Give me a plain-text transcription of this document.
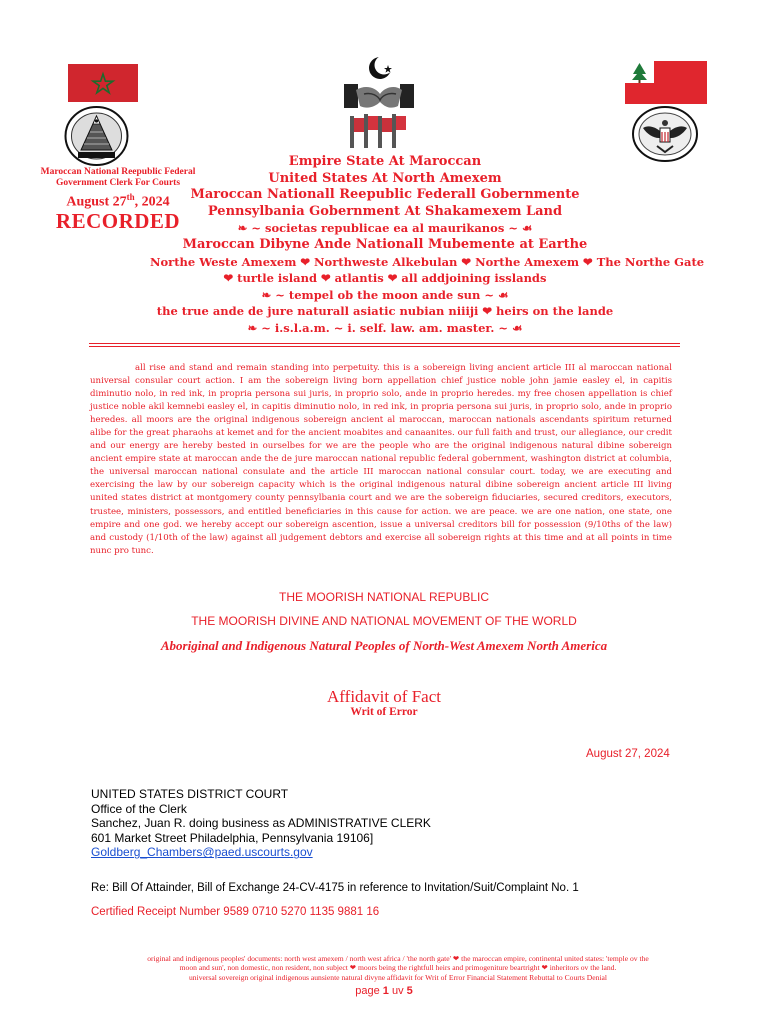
Maroccan National Reepublic Federal
Government Clerk For Courts
August 27th, 2024
RECORDED
Empire State At Maroccan
United States At North Amexem
Maroccan Nationall Reepublic Federall Gobernmente
Pennsylbania Gobernment At Shakamexem Land
❧ ~ societas republicae ea al maurikanos ~ ☙
Maroccan Dibyne Ande Nationall Mubemente at Earthe
Northe Weste Amexem ❤ Northweste Alkebulan ❤ Northe Amexem ❤ The Northe Gate
❤ turtle island ❤ atlantis ❤ all addjoining isslands
❧ ~ tempel ob the moon ande sun ~ ☙
the true ande de jure naturall asiatic nubian niiiji ❤ heirs on the lande
❧ ~ i.s.l.a.m. ~ i. self. law. am. master. ~ ☙

all rise and stand and remain standing into perpetuity. this is a sobereign living ancient article III al maroccan national universal consular court action. I am the sobereign living born appellation chief justice noble john jamie easley el, in capitis diminutio nolo, in red ink, in propria persona sui juris, in proprio solo, ande in proprio heredes. my free chosen appellation is chief justice noble akil kemnebi easley el, in capitis diminutio nolo, in red ink, in propria persona sui juris, in proprio solo, ande in proprio heredes. all moors are the original indigenous sobereign ancient al maroccan, maroccan nationals ascendants spiritum returned alibe for the great pharaohs at kemet and for the ancient moabites and canaanites. our full faith and trust, our allegiance, our credit and our energy are hereby bested in ourselbes for we are the people who are the original indigenous natural dibine sobereign ancient empire state at maroccan ande the de jure maroccan national republic federal gobernment, washington district at columbia, the universal maroccan national consulate and the article III maroccan national consular court. today, we are executing and exercising the law by our sobereign capacity which is the original indigenous natural dibine sobereign ancient article III living united states district at montgomery county pennsylbania court and we are the sobereign fiduciaries, secured creditors, executors, trustee, ministers, possessors, and entitled beneficiaries in this cause for action. we are peace. we are one nation, one state, one empire and one god. we hereby accept our sobereign ascention, issue a universal creditors bill for possession (9/10ths of the law) and custody (1/10th of the law) against all judgement debtors and exercise all sobereign rights at this time and at all points in time nunc pro tunc.

THE MOORISH NATIONAL REPUBLIC
THE MOORISH DIVINE AND NATIONAL MOVEMENT OF THE WORLD
Aboriginal and Indigenous Natural Peoples of North-West Amexem North America
Affidavit of Fact
Writ of Error
August 27, 2024
UNITED STATES DISTRICT COURT
Office of the Clerk
Sanchez, Juan R. doing business as ADMINISTRATIVE CLERK
601 Market Street Philadelphia, Pennsylvania 19106]
Goldberg_Chambers@paed.uscourts.gov
Re: Bill Of Attainder, Bill of Exchange 24-CV-4175 in reference to Invitation/Suit/Complaint No. 1
Certified Receipt Number 9589 0710 5270 1135 9881 16
original and indigenous peoples' documents: north west amexem / north west africa / 'the north gate' ❤ the maroccan empire, continental united states: 'temple ov the
moon and sun', non domestic, non resident, non subject ❤ moors being the rightfull heirs and primogeniture beartright ❤ inheritors ov the land.
universal sovereign original indigenous aunsiente natural divyne affidavit for Writ of Error Financial Statement Rebuttal to Courts Denial
page 1 uv 5
